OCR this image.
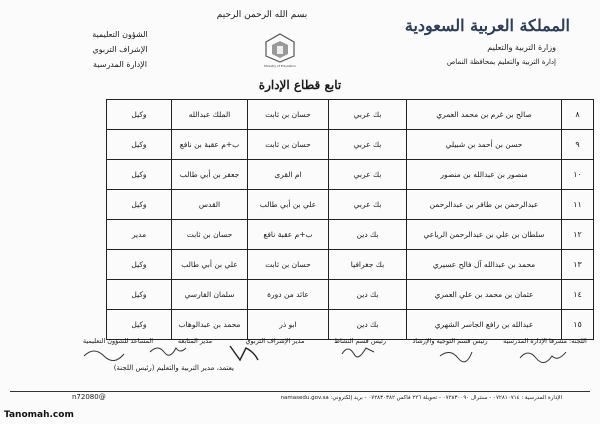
بسم الله الرحمن الرحيم
المملكة العربية السعودية
وزارة التربية والتعليم
إدارة التربية والتعليم بمحافظة النماص
Ministry of Education
الشؤون التعليمية
الإشراف التربوي
الإدارة المدرسية
تابع قطاع الإدارة
٨	صالح بن غرم بن محمد العمري	بك عربي	حسان بن ثابت	الملك عبدالله	وكيل
٩	حسن بن أحمد بن شبيلي	بك عربي	حسان بن ثابت	ب+م عقبة بن نافع	وكيل
١٠	منصور بن عبدالله بن منصور	بك عربي	ام القرى	جعفر بن أبي طالب	وكيل
١١	عبدالرحمن بن طافر بن عبدالرحمن	بك عربي	علي بن أبي طالب	القدس	وكيل
١٢	سلطان بن علي بن عبدالرحمن الرياعي	بك دين	ب+م عقبة نافع	حسان بن ثابت	مدير
١٣	محمد بن عبدالله آل فالح عسيري	بك جغرافيا	حسان بن ثابت	علي بن أبي طالب	وكيل
١٤	عثمان بن محمد بن علي العمري	بك دين	عائد من دورة	سلمان الفارسي	وكيل
١٥	عبدالله بن رافع الجاسر الشهري	بك دين	ابو ذر	محمد بن عبدالوهاب	وكيل
اللجنة: مشرفا الإدارة المدرسية
رئيس قسم التوجيه والإرشاد
رئيس قسم النشاط
مدير الإشراف التربوي
مدير المتابعة
المساعد للشؤون التعليمية
يعتمد، مدير التربية والتعليم (رئيس اللجنة)
n72080@	الإدارة المدرسية : ٠٧٢٨١٠٧١٤ - سنترال ٠٧٢٨٣٠٠٩٠ - تحويلة ٢٢٦ فاكس ٠٧٢٨٣٠٣٨٢ - بريد إلكتروني: namasedu.gov.sa
Tanomah.com
